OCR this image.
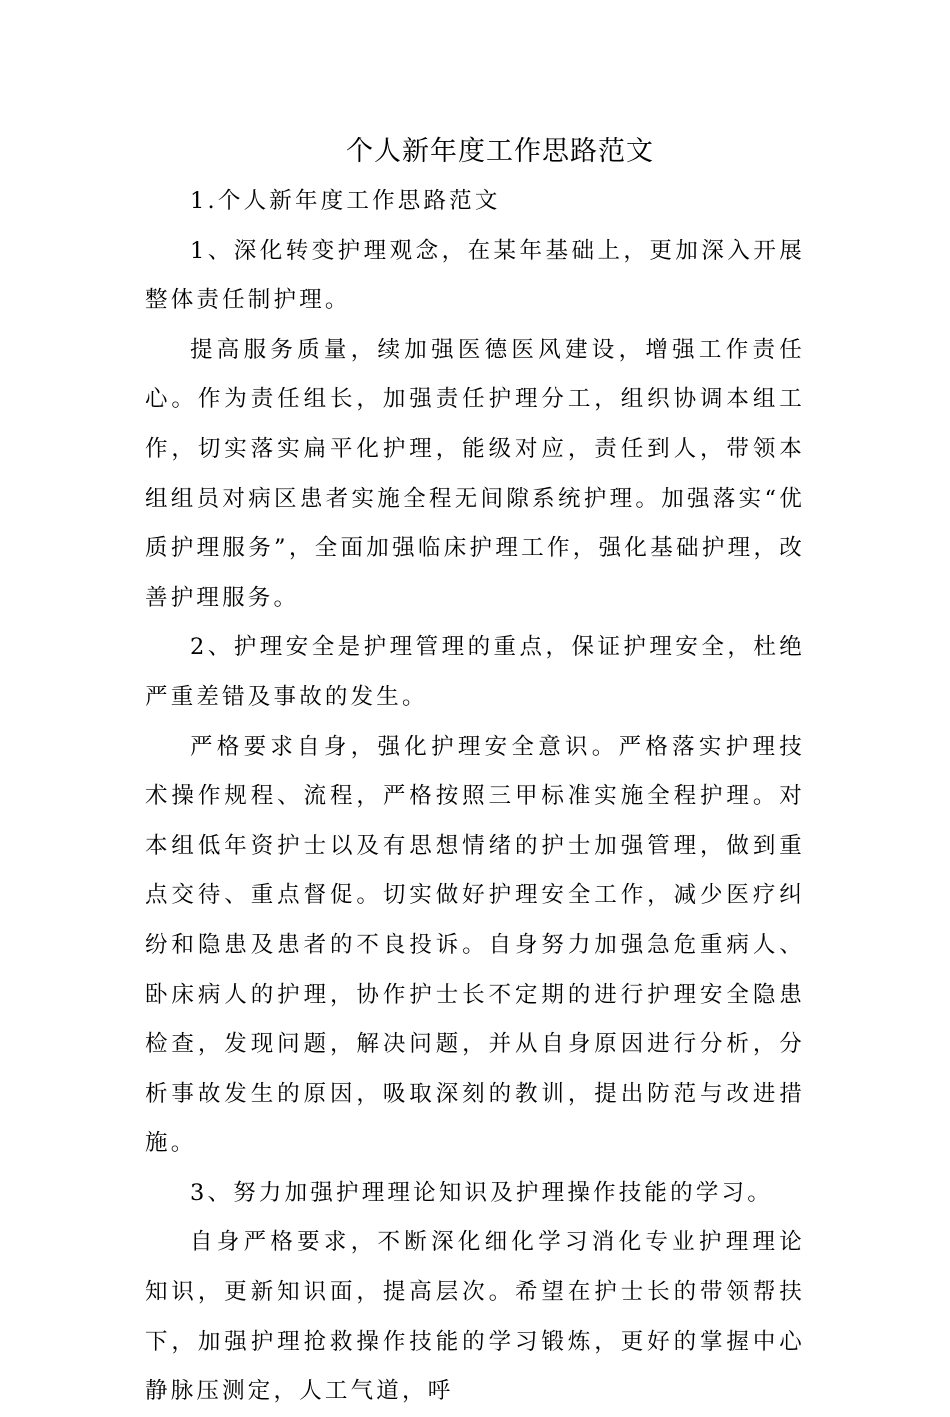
个人新年度工作思路范文

1.个人新年度工作思路范文

1、深化转变护理观念，在某年基础上，更加深入开展整体责任制护理。

提高服务质量，续加强医德医风建设，增强工作责任心。作为责任组长，加强责任护理分工，组织协调本组工作，切实落实扁平化护理，能级对应，责任到人，带领本组组员对病区患者实施全程无间隙系统护理。加强落实“优质护理服务”，全面加强临床护理工作，强化基础护理，改善护理服务。

2、护理安全是护理管理的重点，保证护理安全，杜绝严重差错及事故的发生。

严格要求自身，强化护理安全意识。严格落实护理技术操作规程、流程，严格按照三甲标准实施全程护理。对本组低年资护士以及有思想情绪的护士加强管理，做到重点交待、重点督促。切实做好护理安全工作，减少医疗纠纷和隐患及患者的不良投诉。自身努力加强急危重病人、卧床病人的护理，协作护士长不定期的进行护理安全隐患检查，发现问题，解决问题，并从自身原因进行分析，分析事故发生的原因，吸取深刻的教训，提出防范与改进措施。

3、努力加强护理理论知识及护理操作技能的学习。

自身严格要求，不断深化细化学习消化专业护理理论知识，更新知识面，提高层次。希望在护士长的带领帮扶下，加强护理抢救操作技能的学习锻炼，更好的掌握中心静脉压测定，人工气道，呼
